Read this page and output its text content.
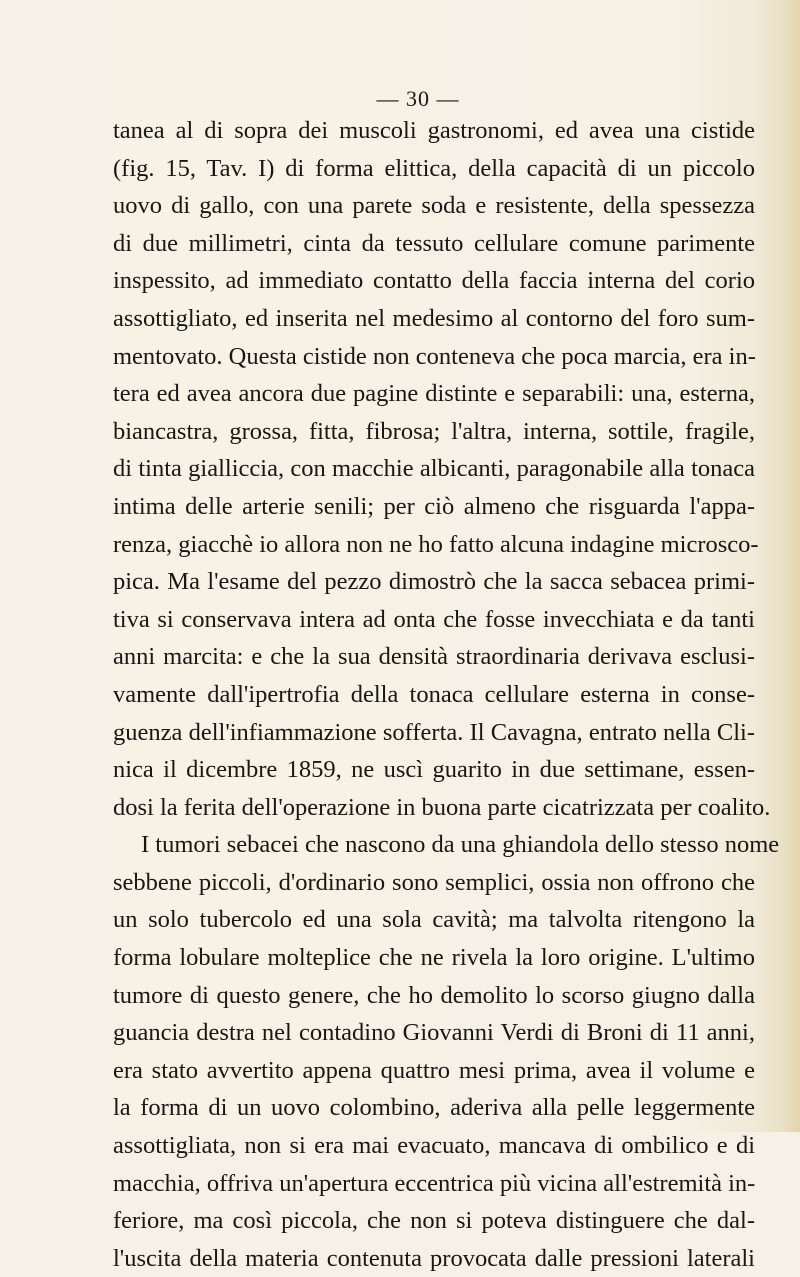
— 30 —
tanea al di sopra dei muscoli gastronomi, ed avea una cistide
(fig. 15, Tav. I) di forma elittica, della capacità di un piccolo
uovo di gallo, con una parete soda e resistente, della spessezza
di due millimetri, cinta da tessuto cellulare comune parimente
inspessito, ad immediato contatto della faccia interna del corio
assottigliato, ed inserita nel medesimo al contorno del foro sum-
mentovato. Questa cistide non conteneva che poca marcia, era in-
tera ed avea ancora due pagine distinte e separabili: una, esterna,
biancastra, grossa, fitta, fibrosa; l'altra, interna, sottile, fragile,
di tinta gialliccia, con macchie albicanti, paragonabile alla tonaca
intima delle arterie senili; per ciò almeno che risguarda l'appa-
renza, giacchè io allora non ne ho fatto alcuna indagine microsco-
pica. Ma l'esame del pezzo dimostrò che la sacca sebacea primi-
tiva si conservava intera ad onta che fosse invecchiata e da tanti
anni marcita: e che la sua densità straordinaria derivava esclusi-
vamente dall'ipertrofia della tonaca cellulare esterna in conse-
guenza dell'infiammazione sofferta. Il Cavagna, entrato nella Cli-
nica il dicembre 1859, ne uscì guarito in due settimane, essen-
dosi la ferita dell'operazione in buona parte cicatrizzata per coalito.
I tumori sebacei che nascono da una ghiandola dello stesso nome
sebbene piccoli, d'ordinario sono semplici, ossia non offrono che
un solo tubercolo ed una sola cavità; ma talvolta ritengono la
forma lobulare molteplice che ne rivela la loro origine. L'ultimo
tumore di questo genere, che ho demolito lo scorso giugno dalla
guancia destra nel contadino Giovanni Verdi di Broni di 11 anni,
era stato avvertito appena quattro mesi prima, avea il volume e
la forma di un uovo colombino, aderiva alla pelle leggermente
assottigliata, non si era mai evacuato, mancava di ombilico e di
macchia, offriva un'apertura eccentrica più vicina all'estremità in-
feriore, ma così piccola, che non si poteva distinguere che dal-
l'uscita della materia contenuta provocata dalle pressioni laterali
